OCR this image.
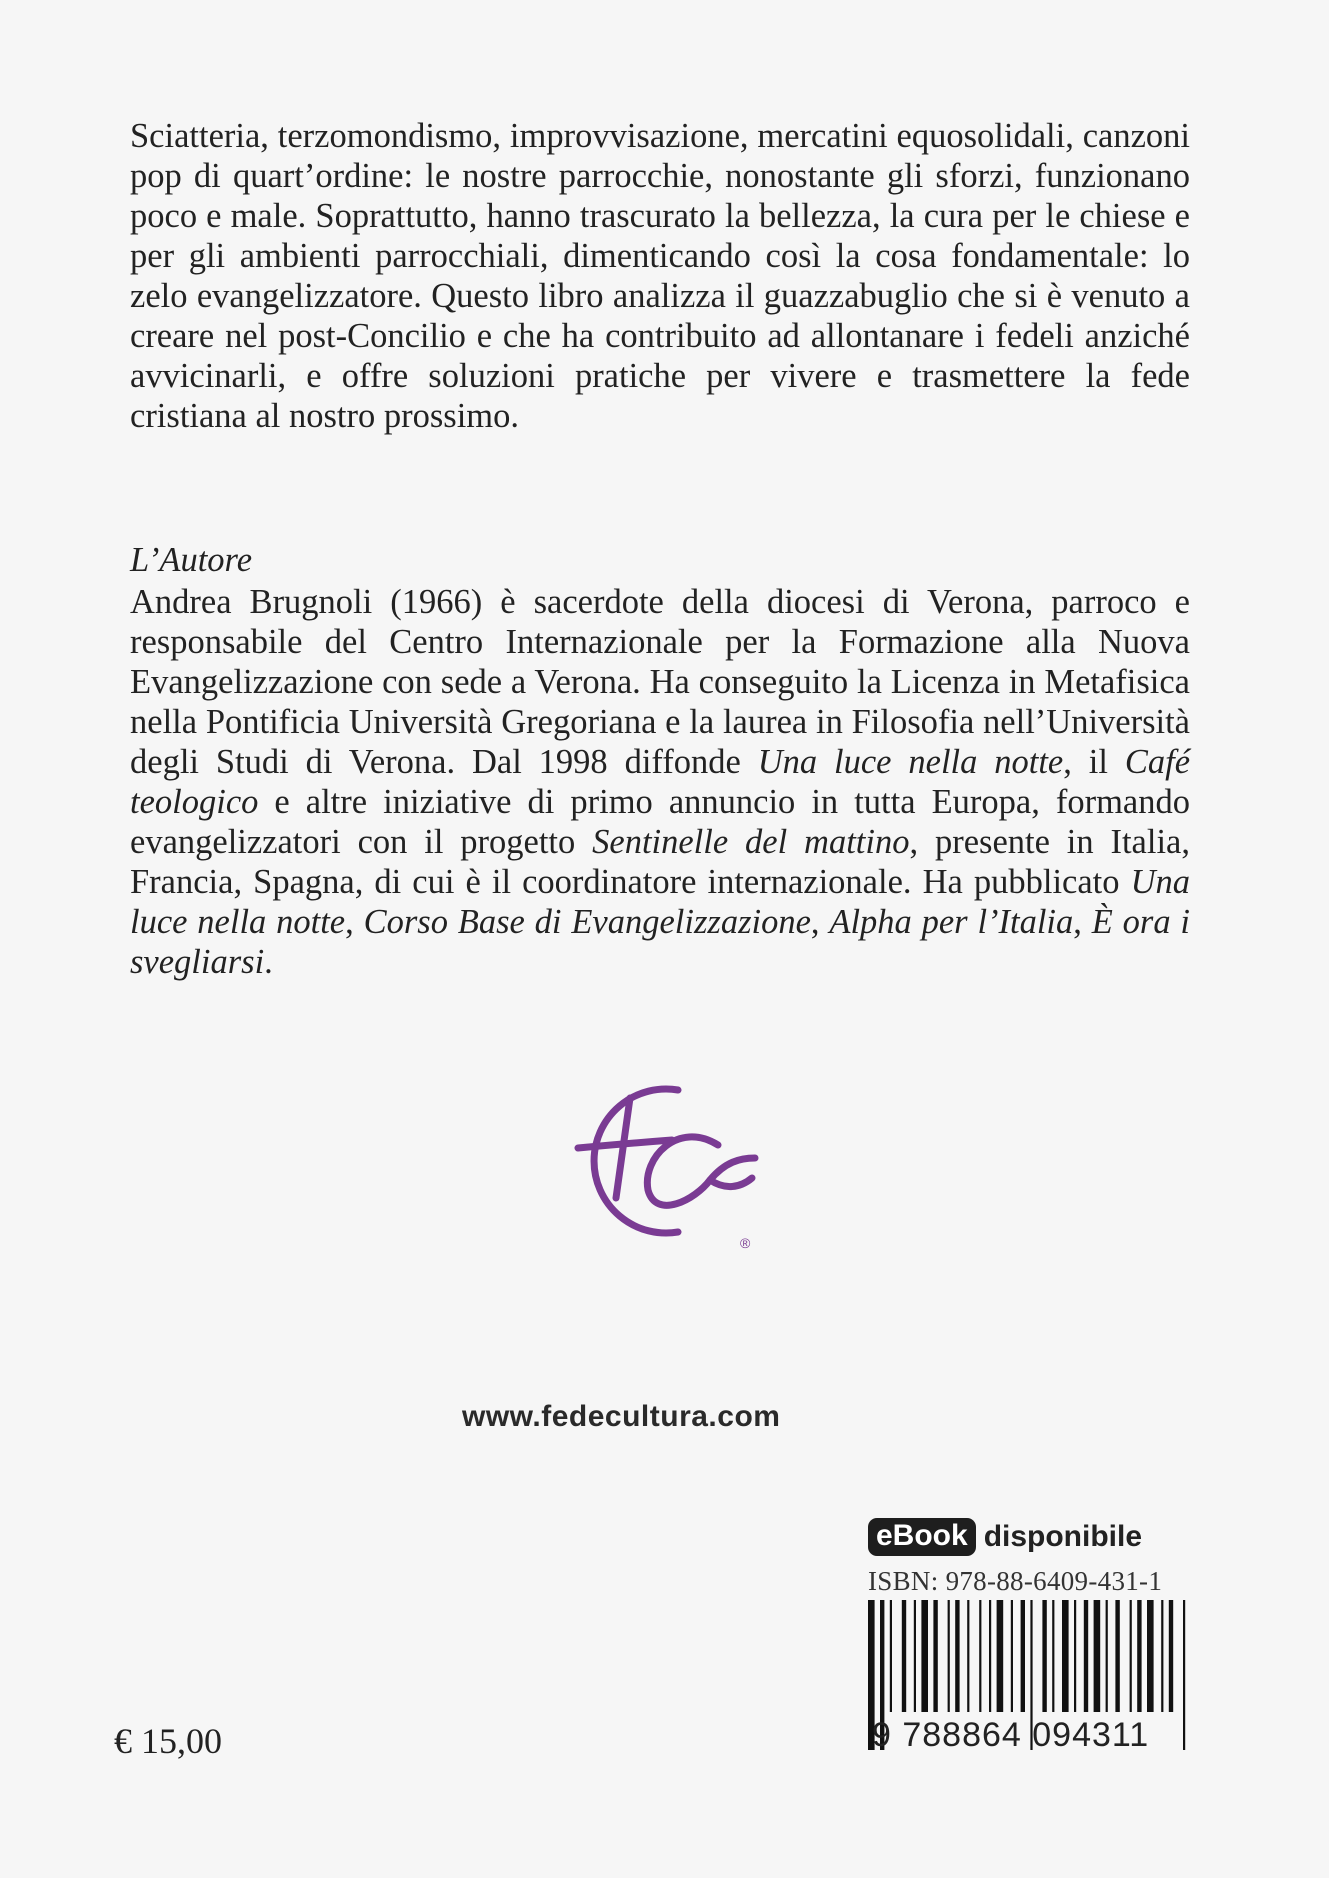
Sciatteria, terzomondismo, improvvisazione, mercatini equosolidali, canzoni pop di quart’ordine: le nostre parrocchie, nonostante gli sforzi, funzionano poco e male. Soprattutto, hanno trascurato la bellezza, la cura per le chiese e per gli ambienti parrocchiali, dimenticando così la cosa fondamentale: lo zelo evangelizzatore. Questo libro analizza il guazzabuglio che si è venuto a creare nel post-Concilio e che ha contribuito ad allontanare i fedeli anziché avvicinarli, e offre soluzioni pratiche per vivere e trasmettere la fede cristiana al nostro prossimo.

L’Autore

Andrea Brugnoli (1966) è sacerdote della diocesi di Verona, parroco e responsabile del Centro Internazionale per la Formazione alla Nuova Evangelizzazione con sede a Verona. Ha conseguito la Licenza in Metafisica nella Pontificia Università Gregoriana e la laurea in Filosofia nell’Università degli Studi di Verona. Dal 1998 diffonde Una luce nella notte, il Café teologico e altre iniziative di primo annuncio in tutta Europa, formando evangelizzatori con il progetto Sentinelle del mattino, presente in Italia, Francia, Spagna, di cui è il coordinatore internazionale. Ha pubblicato Una luce nella notte, Corso Base di Evangelizzazione, Alpha per l’Italia, È ora i svegliarsi.

®
www.fedecultura.com
eBook disponibile
ISBN: 978-88-6409-431-1
9 788864 094311
€ 15,00
